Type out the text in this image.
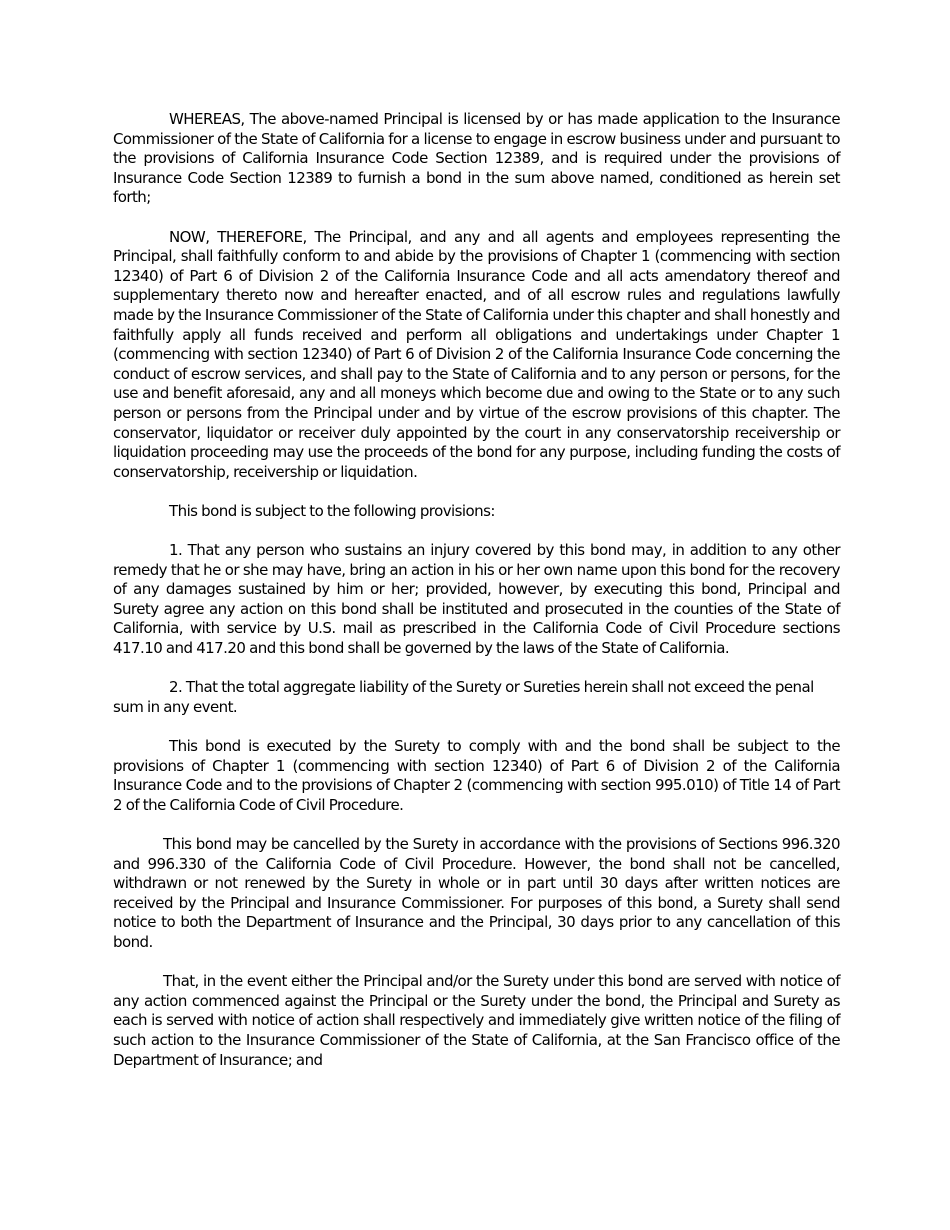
WHEREAS, The above-named Principal is licensed by or has made application to the Insurance Commissioner of the State of California for a license to engage in escrow business under and pursuant to the provisions of California Insurance Code Section 12389, and is required under the provisions of Insurance Code Section 12389 to furnish a bond in the sum above named, conditioned as herein set forth;

NOW, THEREFORE, The Principal, and any and all agents and employees representing the Principal, shall faithfully conform to and abide by the provisions of Chapter 1 (commencing with section 12340) of Part 6 of Division 2 of the California Insurance Code and all acts amendatory thereof and supplementary thereto now and hereafter enacted, and of all escrow rules and regulations lawfully made by the Insurance Commissioner of the State of California under this chapter and shall honestly and faithfully apply all funds received and perform all obligations and undertakings under Chapter 1 (commencing with section 12340) of Part 6 of Division 2 of the California Insurance Code concerning the conduct of escrow services, and shall pay to the State of California and to any person or persons, for the use and benefit aforesaid, any and all moneys which become due and owing to the State or to any such person or persons from the Principal under and by virtue of the escrow provisions of this chapter. The conservator, liquidator or receiver duly appointed by the court in any conservatorship receivership or liquidation proceeding may use the proceeds of the bond for any purpose, including funding the costs of conservatorship, receivership or liquidation.

This bond is subject to the following provisions:

1. That any person who sustains an injury covered by this bond may, in addition to any other remedy that he or she may have, bring an action in his or her own name upon this bond for the recovery of any damages sustained by him or her; provided, however, by executing this bond, Principal and Surety agree any action on this bond shall be instituted and prosecuted in the counties of the State of California, with service by U.S. mail as prescribed in the California Code of Civil Procedure sections 417.10 and 417.20 and this bond shall be governed by the laws of the State of California.

2. That the total aggregate liability of the Surety or Sureties herein shall not exceed the penal sum in any event.

This bond is executed by the Surety to comply with and the bond shall be subject to the provisions of Chapter 1 (commencing with section 12340) of Part 6 of Division 2 of the California Insurance Code and to the provisions of Chapter 2 (commencing with section 995.010) of Title 14 of Part 2 of the California Code of Civil Procedure.

This bond may be cancelled by the Surety in accordance with the provisions of Sections 996.320 and 996.330 of the California Code of Civil Procedure. However, the bond shall not be cancelled, withdrawn or not renewed by the Surety in whole or in part until 30 days after written notices are received by the Principal and Insurance Commissioner. For purposes of this bond, a Surety shall send notice to both the Department of Insurance and the Principal, 30 days prior to any cancellation of this bond.

That, in the event either the Principal and/or the Surety under this bond are served with notice of any action commenced against the Principal or the Surety under the bond, the Principal and Surety as each is served with notice of action shall respectively and immediately give written notice of the filing of such action to the Insurance Commissioner of the State of California, at the San Francisco office of the Department of Insurance; and
